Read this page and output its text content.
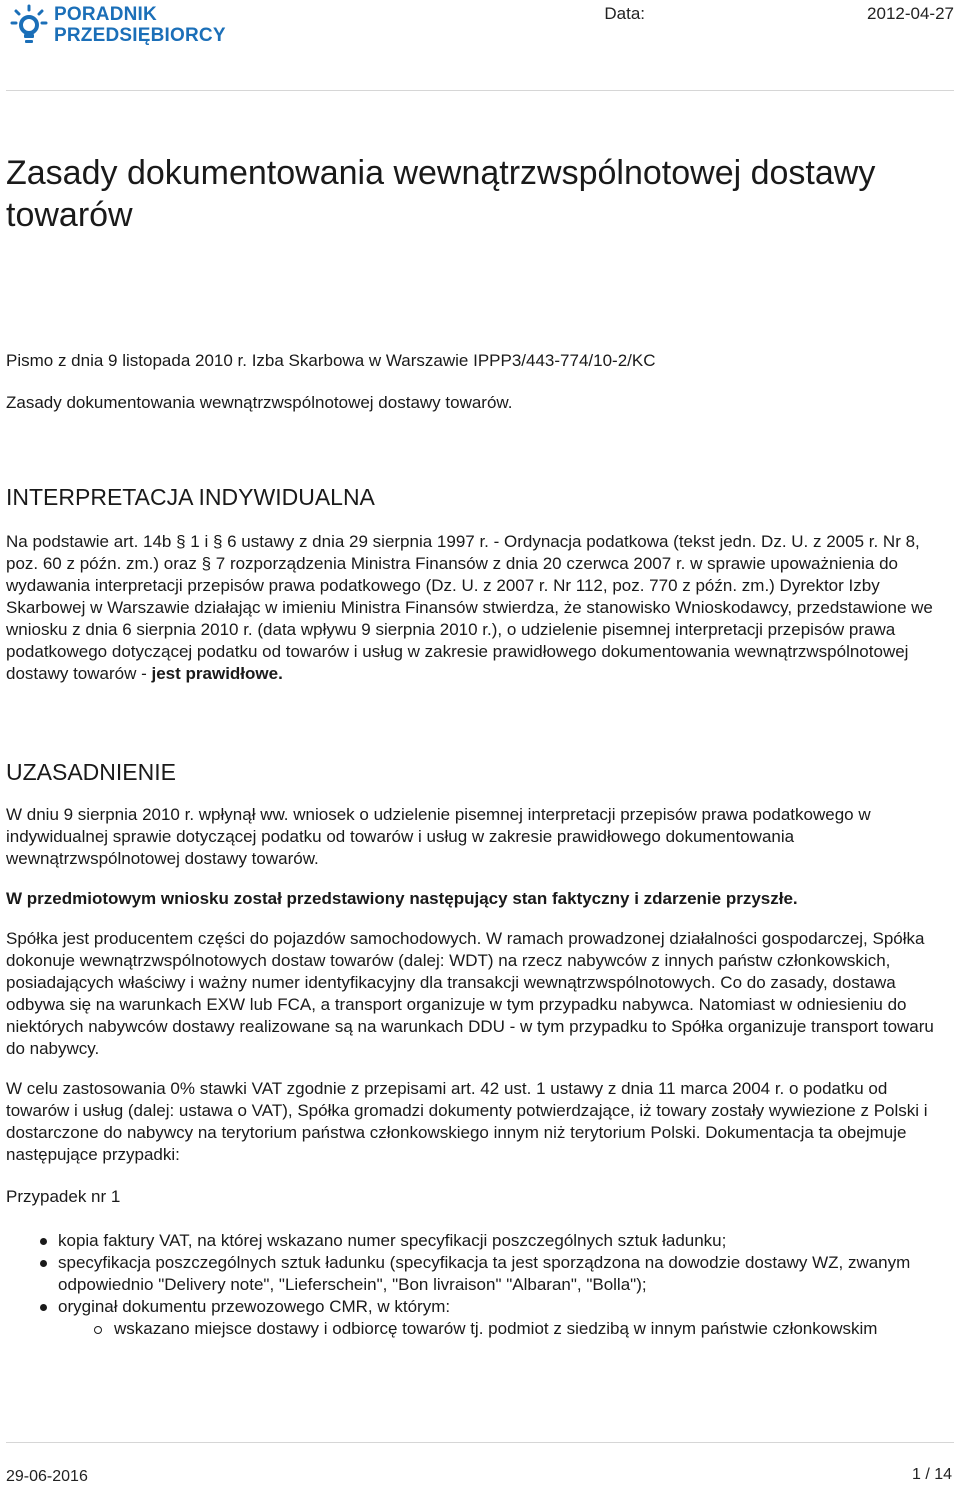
PORADNIK
PRZEDSIĘBIORCY
Data:	2012-04-27
Zasady dokumentowania wewnątrzwspólnotowej dostawy towarów

Pismo z dnia 9 listopada 2010 r. Izba Skarbowa w Warszawie IPPP3/443-774/10-2/KC

Zasady dokumentowania wewnątrzwspólnotowej dostawy towarów.

INTERPRETACJA INDYWIDUALNA

Na podstawie art. 14b § 1 i § 6 ustawy z dnia 29 sierpnia 1997 r. - Ordynacja podatkowa (tekst jedn. Dz. U. z 2005 r. Nr 8, poz. 60 z późn. zm.) oraz § 7 rozporządzenia Ministra Finansów z dnia 20 czerwca 2007 r. w sprawie upoważnienia do wydawania interpretacji przepisów prawa podatkowego (Dz. U. z 2007 r. Nr 112, poz. 770 z późn. zm.) Dyrektor Izby Skarbowej w Warszawie działając w imieniu Ministra Finansów stwierdza, że stanowisko Wnioskodawcy, przedstawione we wniosku z dnia 6 sierpnia 2010 r. (data wpływu 9 sierpnia 2010 r.), o udzielenie pisemnej interpretacji przepisów prawa podatkowego dotyczącej podatku od towarów i usług w zakresie prawidłowego dokumentowania wewnątrzwspólnotowej dostawy towarów - jest prawidłowe.

UZASADNIENIE

W dniu 9 sierpnia 2010 r. wpłynął ww. wniosek o udzielenie pisemnej interpretacji przepisów prawa podatkowego w indywidualnej sprawie dotyczącej podatku od towarów i usług w zakresie prawidłowego dokumentowania wewnątrzwspólnotowej dostawy towarów.

W przedmiotowym wniosku został przedstawiony następujący stan faktyczny i zdarzenie przyszłe.

Spółka jest producentem części do pojazdów samochodowych. W ramach prowadzonej działalności gospodarczej, Spółka dokonuje wewnątrzwspólnotowych dostaw towarów (dalej: WDT) na rzecz nabywców z innych państw członkowskich, posiadających właściwy i ważny numer identyfikacyjny dla transakcji wewnątrzwspólnotowych. Co do zasady, dostawa odbywa się na warunkach EXW lub FCA, a transport organizuje w tym przypadku nabywca. Natomiast w odniesieniu do niektórych nabywców dostawy realizowane są na warunkach DDU - w tym przypadku to Spółka organizuje transport towaru do nabywcy.

W celu zastosowania 0% stawki VAT zgodnie z przepisami art. 42 ust. 1 ustawy z dnia 11 marca 2004 r. o podatku od towarów i usług (dalej: ustawa o VAT), Spółka gromadzi dokumenty potwierdzające, iż towary zostały wywiezione z Polski i dostarczone do nabywcy na terytorium państwa członkowskiego innym niż terytorium Polski. Dokumentacja ta obejmuje następujące przypadki:

Przypadek nr 1

kopia faktury VAT, na której wskazano numer specyfikacji poszczególnych sztuk ładunku;
specyfikacja poszczególnych sztuk ładunku (specyfikacja ta jest sporządzona na dowodzie dostawy WZ, zwanym odpowiednio "Delivery note", "Lieferschein", "Bon livraison" "Albaran", "Bolla");
oryginał dokumentu przewozowego CMR, w którym:
wskazano miejsce dostawy i odbiorcę towarów tj. podmiot z siedzibą w innym państwie członkowskim
29-06-2016	1 / 14
